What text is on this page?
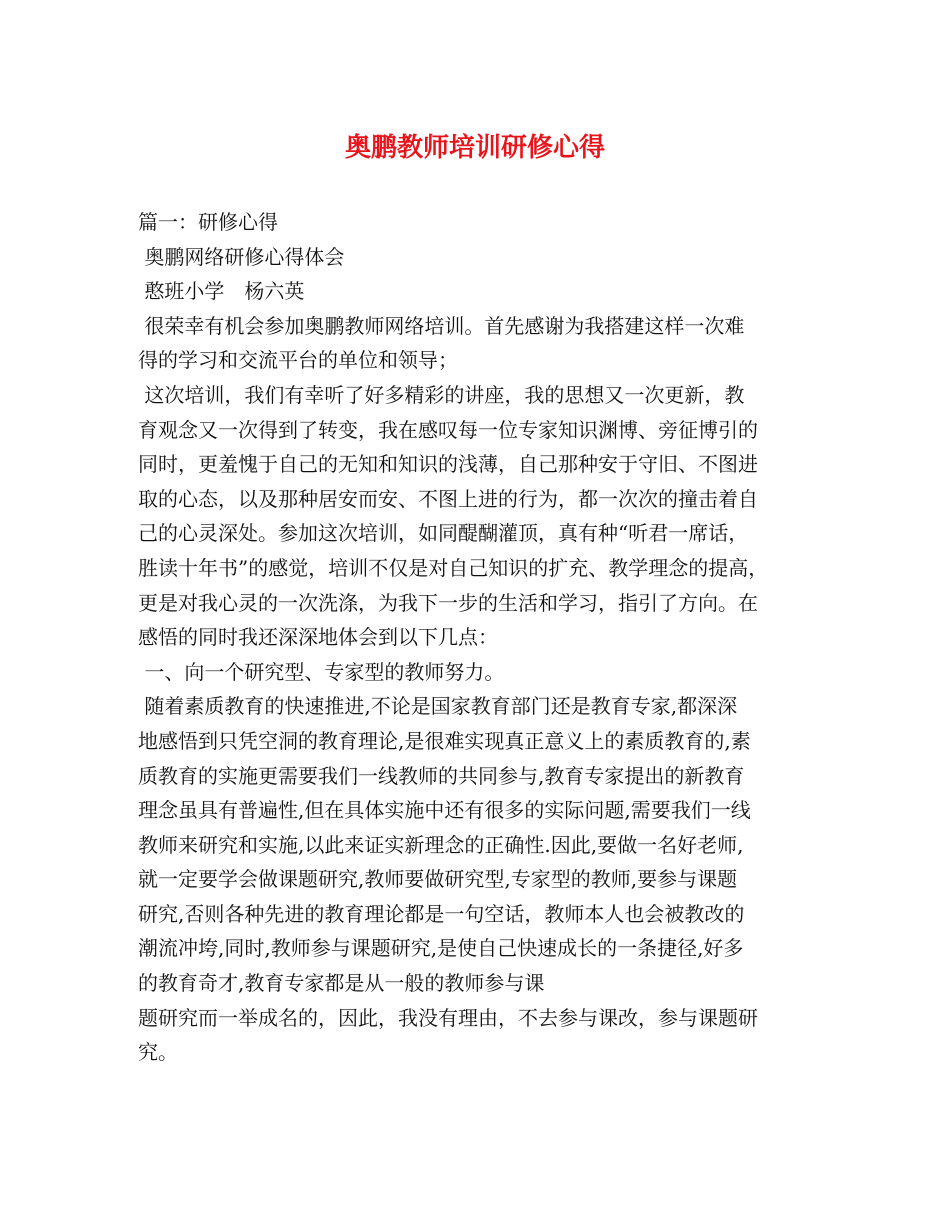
奥鹏教师培训研修心得
篇一：研修心得
奥鹏网络研修心得体会
憨班小学　杨六英
很荣幸有机会参加奥鹏教师网络培训。首先感谢为我搭建这样一次难
得的学习和交流平台的单位和领导；
这次培训，我们有幸听了好多精彩的讲座，我的思想又一次更新，教
育观念又一次得到了转变，我在感叹每一位专家知识渊博、旁征博引的
同时，更羞愧于自己的无知和知识的浅薄，自己那种安于守旧、不图进
取的心态，以及那种居安而安、不图上进的行为，都一次次的撞击着自
己的心灵深处。参加这次培训，如同醍醐灌顶，真有种“听君一席话，
胜读十年书”的感觉，培训不仅是对自己知识的扩充、教学理念的提高，
更是对我心灵的一次洗涤，为我下一步的生活和学习，指引了方向。在
感悟的同时我还深深地体会到以下几点：
一、向一个研究型、专家型的教师努力。
随着素质教育的快速推进,不论是国家教育部门还是教育专家,都深深
地感悟到只凭空洞的教育理论,是很难实现真正意义上的素质教育的,素
质教育的实施更需要我们一线教师的共同参与,教育专家提出的新教育
理念虽具有普遍性,但在具体实施中还有很多的实际问题,需要我们一线
教师来研究和实施,以此来证实新理念的正确性.因此,要做一名好老师,
就一定要学会做课题研究,教师要做研究型,专家型的教师,要参与课题
研究,否则各种先进的教育理论都是一句空话，教师本人也会被教改的
潮流冲垮,同时,教师参与课题研究,是使自己快速成长的一条捷径,好多
的教育奇才,教育专家都是从一般的教师参与课
题研究而一举成名的，因此，我没有理由，不去参与课改，参与课题研
究。
